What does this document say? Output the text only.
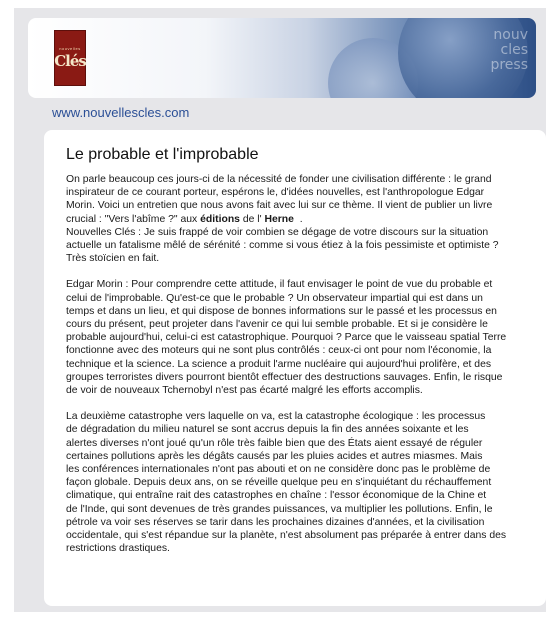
nouv
cles
press
nouvelles
Clés
www.nouvellescles.com
Le probable et l'improbable

On parle beaucoup ces jours-ci de la nécessité de fonder une civilisation différente : le grand
inspirateur de ce courant porteur, espérons le, d'idées nouvelles, est l'anthropologue Edgar
Morin. Voici un entretien que nous avons fait avec lui sur ce thème. Il vient de publier un livre
crucial : "Vers l'abîme ?" aux éditions de l' Herne .
Nouvelles Clés : Je suis frappé de voir combien se dégage de votre discours sur la situation
actuelle un fatalisme mêlé de sérénité : comme si vous étiez à la fois pessimiste et optimiste ?
Très stoïcien en fait.

Edgar Morin : Pour comprendre cette attitude, il faut envisager le point de vue du probable et
celui de l'improbable. Qu'est-ce que le probable ? Un observateur impartial qui est dans un
temps et dans un lieu, et qui dispose de bonnes informations sur le passé et les processus en
cours du présent, peut projeter dans l'avenir ce qui lui semble probable. Et si je considère le
probable aujourd'hui, celui-ci est catastrophique. Pourquoi ? Parce que le vaisseau spatial Terre
fonctionne avec des moteurs qui ne sont plus contrôlés : ceux-ci ont pour nom l'économie, la
technique et la science. La science a produit l'arme nucléaire qui aujourd'hui prolifère, et des
groupes terroristes divers pourront bientôt effectuer des destructions sauvages. Enfin, le risque
de voir de nouveaux Tchernobyl n'est pas écarté malgré les efforts accomplis.

La deuxième catastrophe vers laquelle on va, est la catastrophe écologique : les processus
de dégradation du milieu naturel se sont accrus depuis la fin des années soixante et les
alertes diverses n'ont joué qu'un rôle très faible bien que des États aient essayé de réguler
certaines pollutions après les dégâts causés par les pluies acides et autres miasmes. Mais
les conférences internationales n'ont pas abouti et on ne considère donc pas le problème de
façon globale. Depuis deux ans, on se réveille quelque peu en s'inquiétant du réchauffement
climatique, qui entraîne rait des catastrophes en chaîne : l'essor économique de la Chine et
de l'Inde, qui sont devenues de très grandes puissances, va multiplier les pollutions. Enfin, le
pétrole va voir ses réserves se tarir dans les prochaines dizaines d'années, et la civilisation
occidentale, qui s'est répandue sur la planète, n'est absolument pas préparée à entrer dans des
restrictions drastiques.
